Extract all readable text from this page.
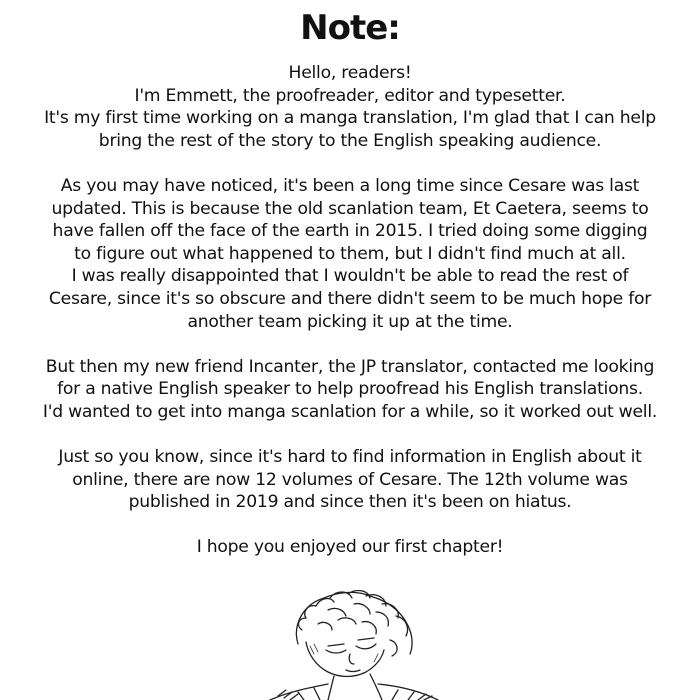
Note:
Hello, readers!
I'm Emmett, the proofreader, editor and typesetter.
It's my first time working on a manga translation, I'm glad that I can help
bring the rest of the story to the English speaking audience.
As you may have noticed, it's been a long time since Cesare was last
updated. This is because the old scanlation team, Et Caetera, seems to
have fallen off the face of the earth in 2015. I tried doing some digging
to figure out what happened to them, but I didn't find much at all.
I was really disappointed that I wouldn't be able to read the rest of
Cesare, since it's so obscure and there didn't seem to be much hope for
another team picking it up at the time.
But then my new friend Incanter, the JP translator, contacted me looking
for a native English speaker to help proofread his English translations.
I'd wanted to get into manga scanlation for a while, so it worked out well.
Just so you know, since it's hard to find information in English about it
online, there are now 12 volumes of Cesare. The 12th volume was
published in 2019 and since then it's been on hiatus.
I hope you enjoyed our first chapter!
